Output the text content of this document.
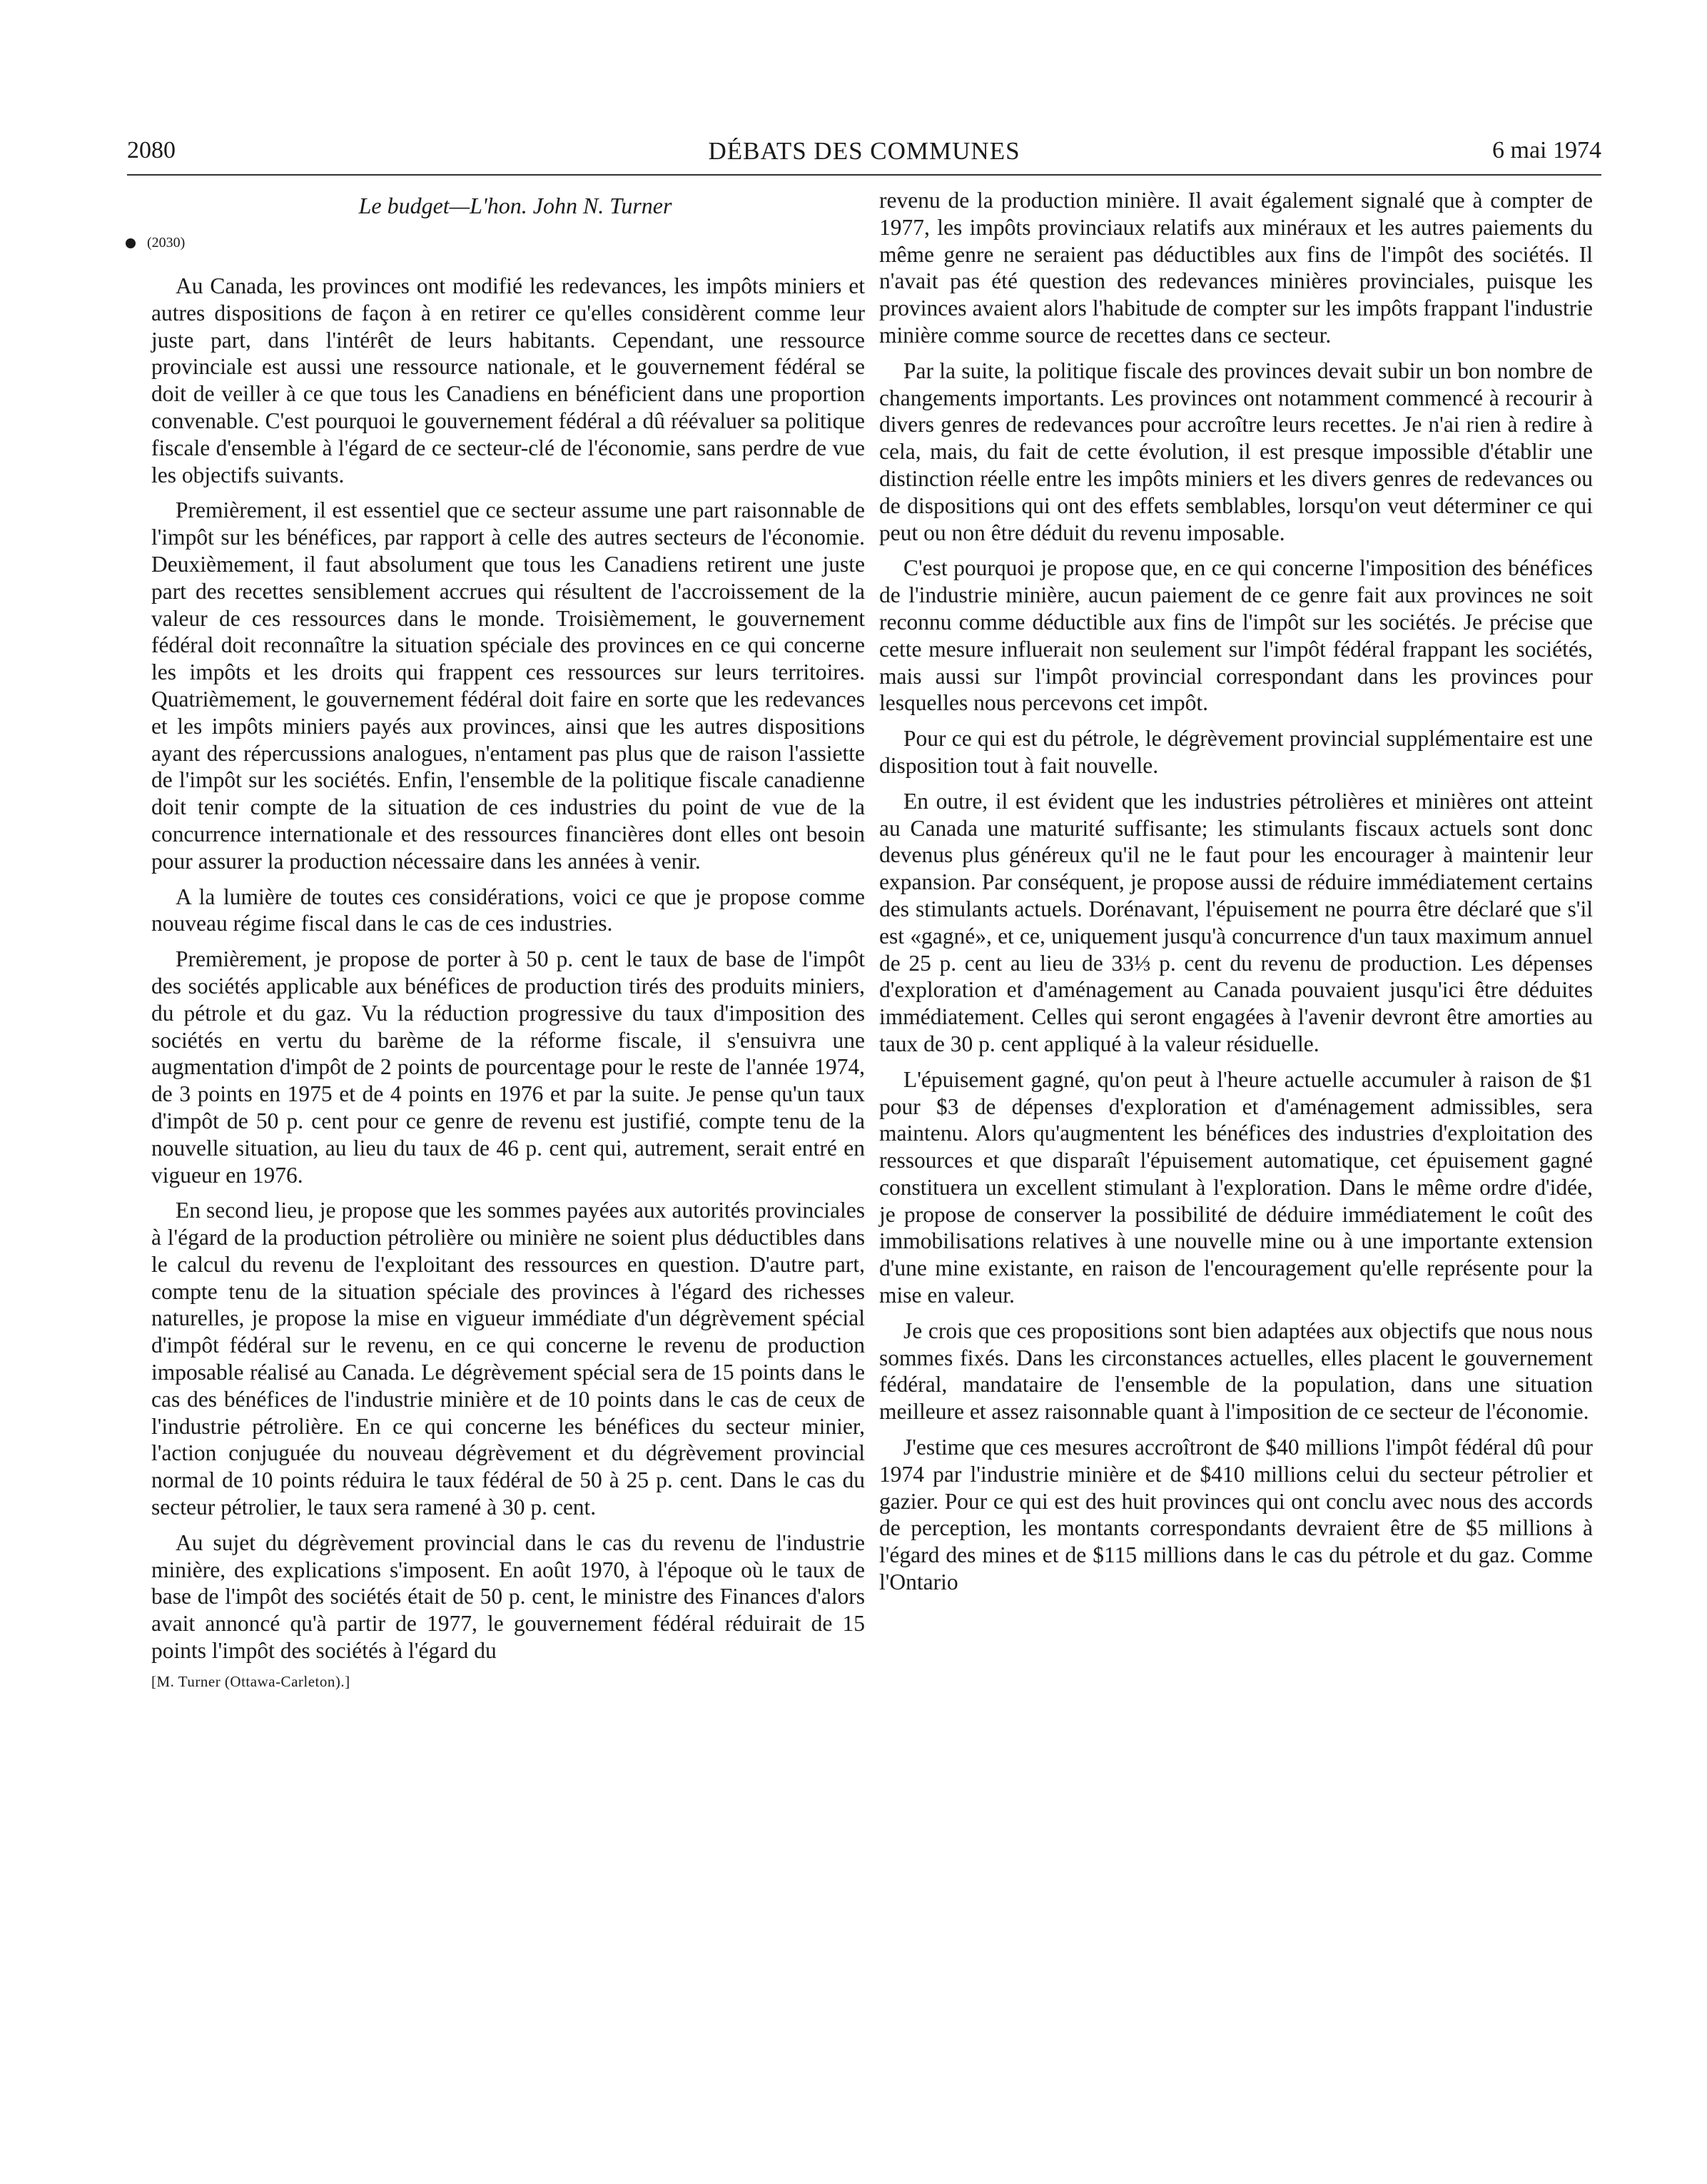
2080	DÉBATS DES COMMUNES	6 mai 1974
Le budget—L'hon. John N. Turner
(2030)

Au Canada, les provinces ont modifié les redevances, les impôts miniers et autres dispositions de façon à en retirer ce qu'elles considèrent comme leur juste part, dans l'intérêt de leurs habitants. Cependant, une ressource provinciale est aussi une ressource nationale, et le gouvernement fédéral se doit de veiller à ce que tous les Canadiens en bénéficient dans une proportion convenable. C'est pourquoi le gouvernement fédéral a dû réévaluer sa politique fiscale d'ensemble à l'égard de ce secteur-clé de l'économie, sans perdre de vue les objectifs suivants.

Premièrement, il est essentiel que ce secteur assume une part raisonnable de l'impôt sur les bénéfices, par rapport à celle des autres secteurs de l'économie. Deuxièmement, il faut absolument que tous les Canadiens retirent une juste part des recettes sensiblement accrues qui résultent de l'accroissement de la valeur de ces ressources dans le monde. Troisièmement, le gouvernement fédéral doit reconnaître la situation spéciale des provinces en ce qui concerne les impôts et les droits qui frappent ces ressources sur leurs territoires. Quatrièmement, le gouvernement fédéral doit faire en sorte que les redevances et les impôts miniers payés aux provinces, ainsi que les autres dispositions ayant des répercussions analogues, n'entament pas plus que de raison l'assiette de l'impôt sur les sociétés. Enfin, l'ensemble de la politique fiscale canadienne doit tenir compte de la situation de ces industries du point de vue de la concurrence internationale et des ressources financières dont elles ont besoin pour assurer la production nécessaire dans les années à venir.

A la lumière de toutes ces considérations, voici ce que je propose comme nouveau régime fiscal dans le cas de ces industries.

Premièrement, je propose de porter à 50 p. cent le taux de base de l'impôt des sociétés applicable aux bénéfices de production tirés des produits miniers, du pétrole et du gaz. Vu la réduction progressive du taux d'imposition des sociétés en vertu du barème de la réforme fiscale, il s'ensuivra une augmentation d'impôt de 2 points de pourcentage pour le reste de l'année 1974, de 3 points en 1975 et de 4 points en 1976 et par la suite. Je pense qu'un taux d'impôt de 50 p. cent pour ce genre de revenu est justifié, compte tenu de la nouvelle situation, au lieu du taux de 46 p. cent qui, autrement, serait entré en vigueur en 1976.

En second lieu, je propose que les sommes payées aux autorités provinciales à l'égard de la production pétrolière ou minière ne soient plus déductibles dans le calcul du revenu de l'exploitant des ressources en question. D'autre part, compte tenu de la situation spéciale des provinces à l'égard des richesses naturelles, je propose la mise en vigueur immédiate d'un dégrèvement spécial d'impôt fédéral sur le revenu, en ce qui concerne le revenu de production imposable réalisé au Canada. Le dégrèvement spécial sera de 15 points dans le cas des bénéfices de l'industrie minière et de 10 points dans le cas de ceux de l'industrie pétrolière. En ce qui concerne les bénéfices du secteur minier, l'action conjuguée du nouveau dégrèvement et du dégrèvement provincial normal de 10 points réduira le taux fédéral de 50 à 25 p. cent. Dans le cas du secteur pétrolier, le taux sera ramené à 30 p. cent.

Au sujet du dégrèvement provincial dans le cas du revenu de l'industrie minière, des explications s'imposent. En août 1970, à l'époque où le taux de base de l'impôt des sociétés était de 50 p. cent, le ministre des Finances d'alors avait annoncé qu'à partir de 1977, le gouvernement fédéral réduirait de 15 points l'impôt des sociétés à l'égard du

[M. Turner (Ottawa-Carleton).]

revenu de la production minière. Il avait également signalé que à compter de 1977, les impôts provinciaux relatifs aux minéraux et les autres paiements du même genre ne seraient pas déductibles aux fins de l'impôt des sociétés. Il n'avait pas été question des redevances minières provinciales, puisque les provinces avaient alors l'habitude de compter sur les impôts frappant l'industrie minière comme source de recettes dans ce secteur.

Par la suite, la politique fiscale des provinces devait subir un bon nombre de changements importants. Les provinces ont notamment commencé à recourir à divers genres de redevances pour accroître leurs recettes. Je n'ai rien à redire à cela, mais, du fait de cette évolution, il est presque impossible d'établir une distinction réelle entre les impôts miniers et les divers genres de redevances ou de dispositions qui ont des effets semblables, lorsqu'on veut déterminer ce qui peut ou non être déduit du revenu imposable.

C'est pourquoi je propose que, en ce qui concerne l'imposition des bénéfices de l'industrie minière, aucun paiement de ce genre fait aux provinces ne soit reconnu comme déductible aux fins de l'impôt sur les sociétés. Je précise que cette mesure influerait non seulement sur l'impôt fédéral frappant les sociétés, mais aussi sur l'impôt provincial correspondant dans les provinces pour lesquelles nous percevons cet impôt.

Pour ce qui est du pétrole, le dégrèvement provincial supplémentaire est une disposition tout à fait nouvelle.

En outre, il est évident que les industries pétrolières et minières ont atteint au Canada une maturité suffisante; les stimulants fiscaux actuels sont donc devenus plus généreux qu'il ne le faut pour les encourager à maintenir leur expansion. Par conséquent, je propose aussi de réduire immédiatement certains des stimulants actuels. Dorénavant, l'épuisement ne pourra être déclaré que s'il est «gagné», et ce, uniquement jusqu'à concurrence d'un taux maximum annuel de 25 p. cent au lieu de 33⅓ p. cent du revenu de production. Les dépenses d'exploration et d'aménagement au Canada pouvaient jusqu'ici être déduites immédiatement. Celles qui seront engagées à l'avenir devront être amorties au taux de 30 p. cent appliqué à la valeur résiduelle.

L'épuisement gagné, qu'on peut à l'heure actuelle accumuler à raison de $1 pour $3 de dépenses d'exploration et d'aménagement admissibles, sera maintenu. Alors qu'augmentent les bénéfices des industries d'exploitation des ressources et que disparaît l'épuisement automatique, cet épuisement gagné constituera un excellent stimulant à l'exploration. Dans le même ordre d'idée, je propose de conserver la possibilité de déduire immédiatement le coût des immobilisations relatives à une nouvelle mine ou à une importante extension d'une mine existante, en raison de l'encouragement qu'elle représente pour la mise en valeur.

Je crois que ces propositions sont bien adaptées aux objectifs que nous nous sommes fixés. Dans les circonstances actuelles, elles placent le gouvernement fédéral, mandataire de l'ensemble de la population, dans une situation meilleure et assez raisonnable quant à l'imposition de ce secteur de l'économie.

J'estime que ces mesures accroîtront de $40 millions l'impôt fédéral dû pour 1974 par l'industrie minière et de $410 millions celui du secteur pétrolier et gazier. Pour ce qui est des huit provinces qui ont conclu avec nous des accords de perception, les montants correspondants devraient être de $5 millions à l'égard des mines et de $115 millions dans le cas du pétrole et du gaz. Comme l'Ontario
